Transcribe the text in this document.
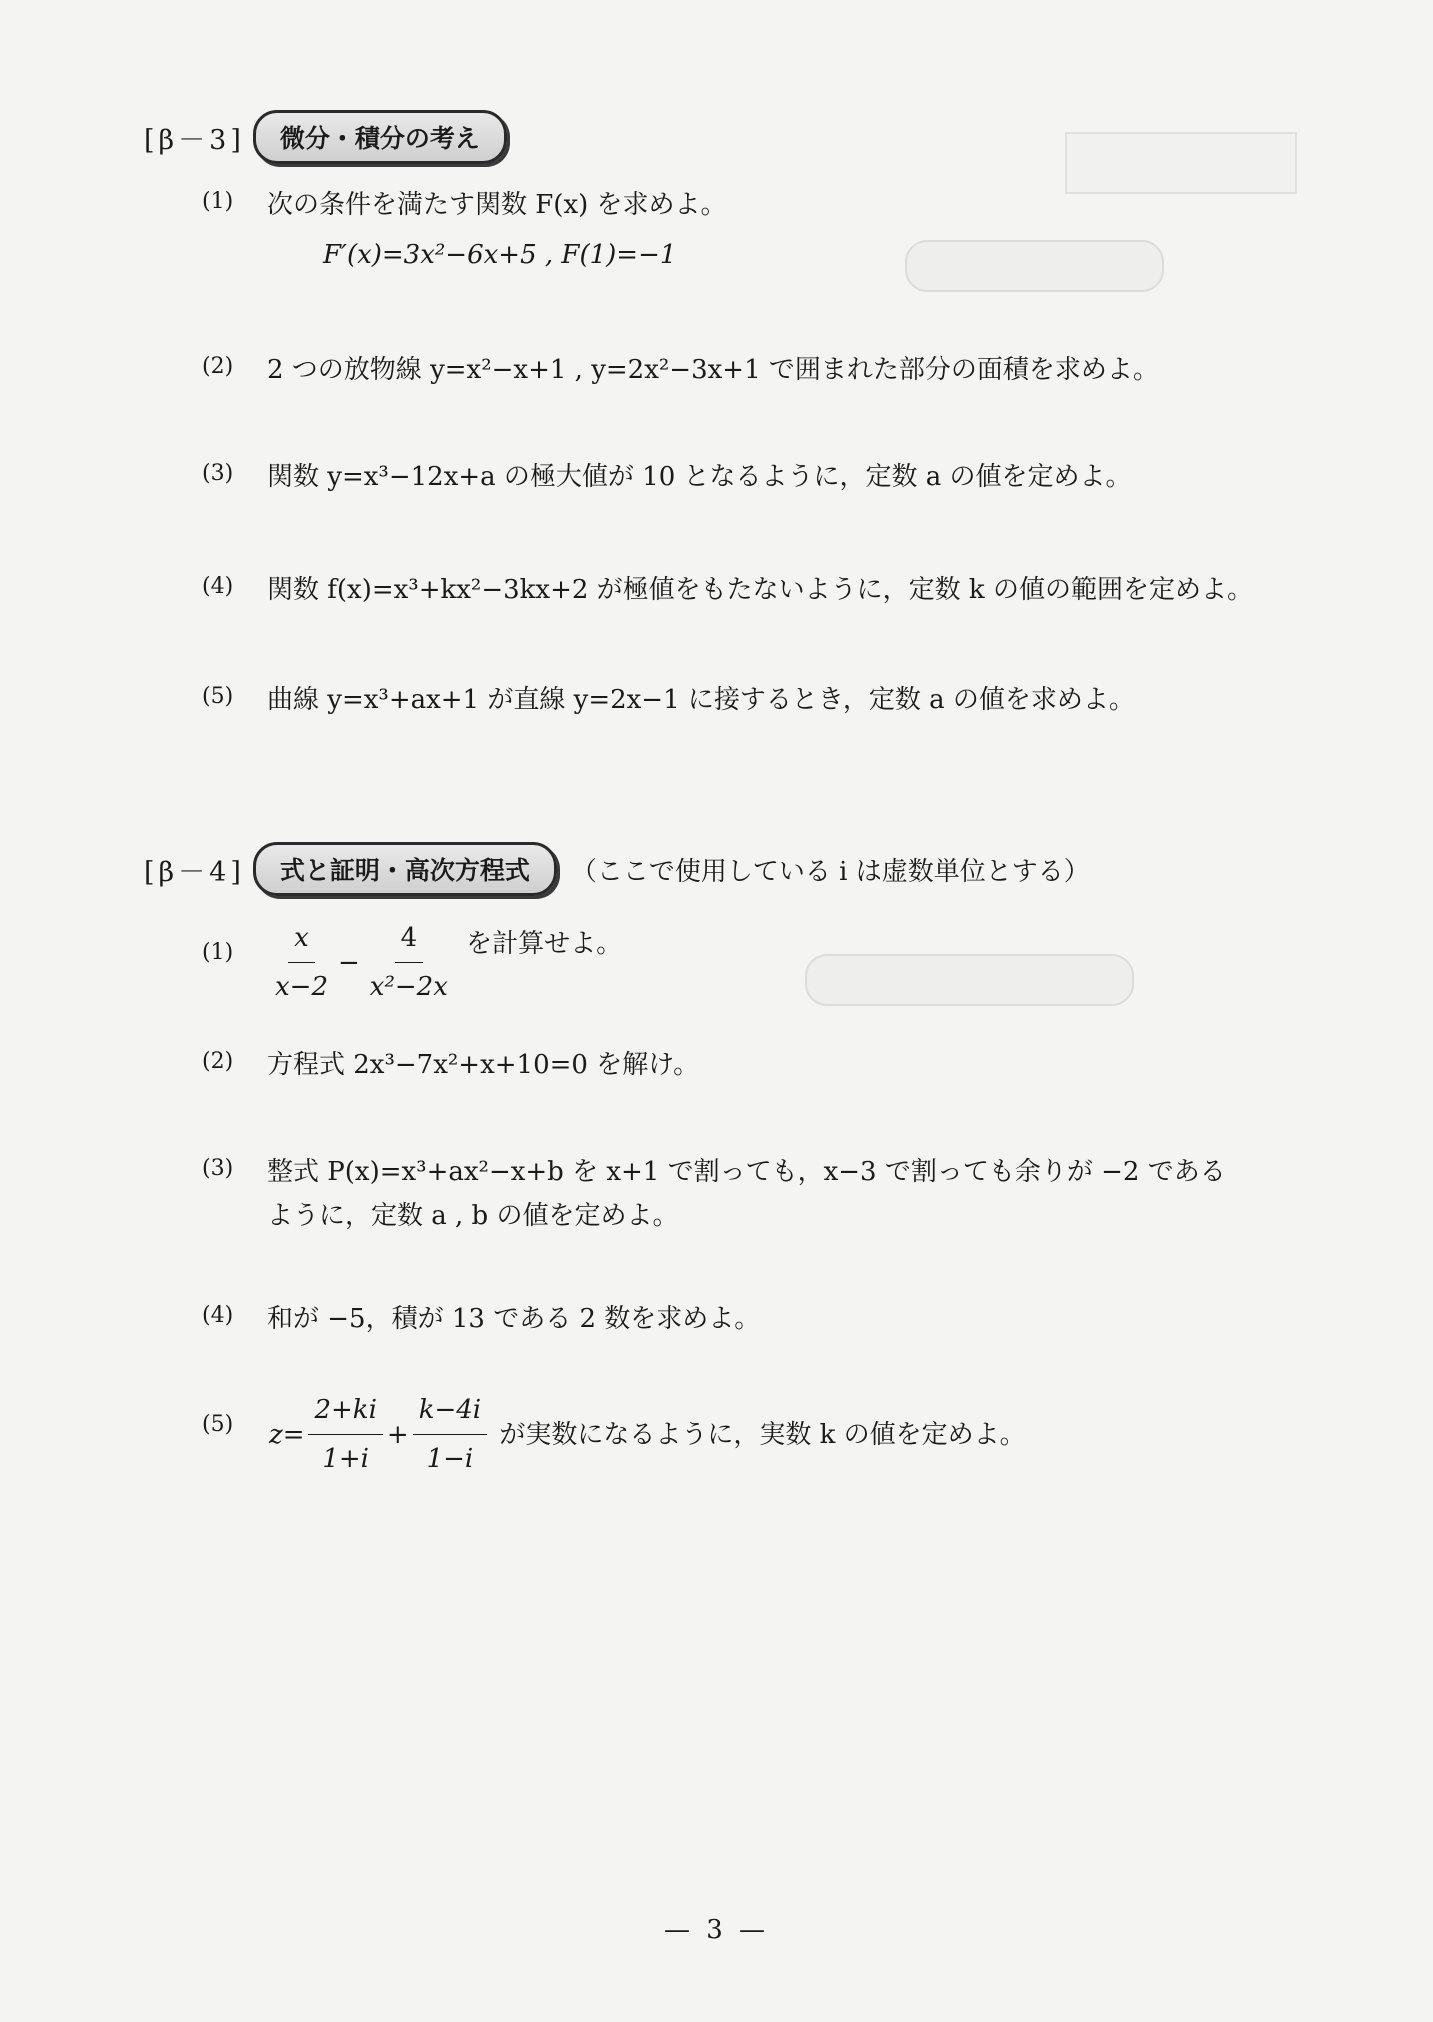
[β－3]	微分・積分の考え
(1) 次の条件を満たす関数 F(x) を求めよ。
F′(x)=3x²−6x+5 , F(1)=−1
(2) 2 つの放物線 y=x²−x+1 , y=2x²−3x+1 で囲まれた部分の面積を求めよ。
(3) 関数 y=x³−12x+a の極大値が 10 となるように，定数 a の値を定めよ。
(4) 関数 f(x)=x³+kx²−3kx+2 が極値をもたないように，定数 k の値の範囲を定めよ。
(5) 曲線 y=x³+ax+1 が直線 y=2x−1 に接するとき，定数 a の値を求めよ。
[β－4]	式と証明・高次方程式	（ここで使用している i は虚数単位とする）
$(1) \frac{x}{x-2} - \frac{4}{\text{x²−2x}}$ を計算せよ。
(2) 方程式 2x³−7x²+x+10=0 を解け。
(3) 整式 P(x)=x³+ax²−x+b を x+1 で割っても，x−3 で割っても余りが −2 である
ように，定数 a , b の値を定めよ。
(4) 和が −5，積が 13 である 2 数を求めよ。
(5) $z= \frac{2+ki}{1+i} + \frac{k-4i}{1-i}$ が実数になるように，実数 k の値を定めよ。
— 3 —
